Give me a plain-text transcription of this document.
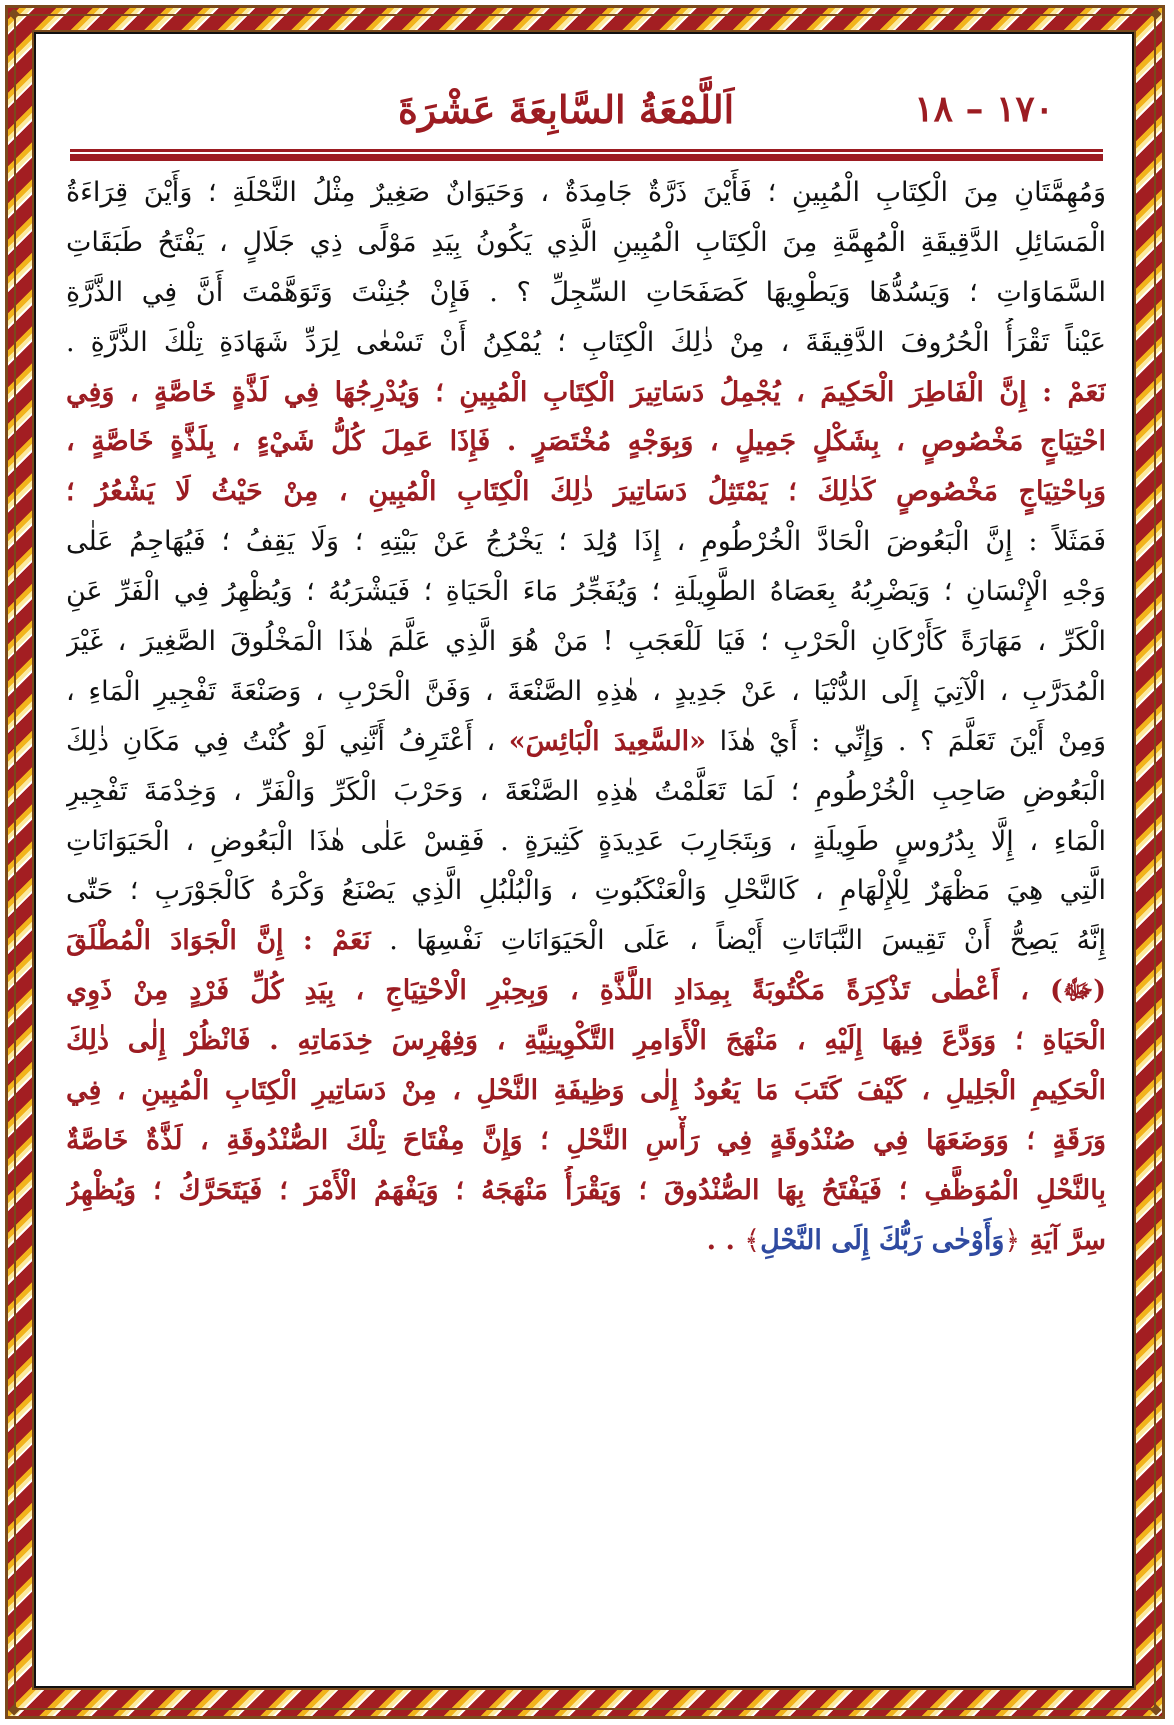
١٧٠ – ١٨
اَللَّمْعَةُ السَّابِعَةَ عَشْرَةَ
وَمُهِمَّتَانِ مِنَ الْكِتَابِ الْمُبِينِ ؛ فَأَيْنَ ذَرَّةٌ جَامِدَةٌ ، وَحَيَوَانٌ صَغِيرٌ مِثْلُ النَّحْلَةِ ؛ وَأَيْنَ قِرَاءَةُ
الْمَسَائِلِ الدَّقِيقَةِ الْمُهِمَّةِ مِنَ الْكِتَابِ الْمُبِينِ الَّذِي يَكُونُ بِيَدِ مَوْلًى ذِي جَلَالٍ ، يَفْتَحُ طَبَقَاتِ
السَّمَاوَاتِ ؛ وَيَسُدُّهَا وَيَطْوِيهَا كَصَفَحَاتِ السِّجِلِّ ؟ . فَإِنْ جُنِنْتَ وَتَوَهَّمْتَ أَنَّ فِي الذَّرَّةِ
عَيْناً تَقْرَأُ الْحُرُوفَ الدَّقِيقَةَ ، مِنْ ذٰلِكَ الْكِتَابِ ؛ يُمْكِنُ أَنْ تَسْعٰى لِرَدِّ شَهَادَةِ تِلْكَ الذَّرَّةِ .
نَعَمْ : إِنَّ الْفَاطِرَ الْحَكِيمَ ، يُجْمِلُ دَسَاتِيرَ الْكِتَابِ الْمُبِينِ ؛ وَيُدْرِجُهَا فِي لَذَّةٍ خَاصَّةٍ ، وَفِي
احْتِيَاجٍ مَخْصُوصٍ ، بِشَكْلٍ جَمِيلٍ ، وَبِوَجْهٍ مُخْتَصَرٍ . فَإِذَا عَمِلَ كُلُّ شَيْءٍ ، بِلَذَّةٍ خَاصَّةٍ ،
وَبِاحْتِيَاجٍ مَخْصُوصٍ كَذٰلِكَ ؛ يَمْتَثِلُ دَسَاتِيرَ ذٰلِكَ الْكِتَابِ الْمُبِينِ ، مِنْ حَيْثُ لَا يَشْعُرُ ؛
فَمَثَلاً : إِنَّ الْبَعُوضَ الْحَادَّ الْخُرْطُومِ ، إِذَا وُلِدَ ؛ يَخْرُجُ عَنْ بَيْتِهِ ؛ وَلَا يَقِفُ ؛ فَيُهَاجِمُ عَلٰى
وَجْهِ الْإِنْسَانِ ؛ وَيَضْرِبُهُ بِعَصَاهُ الطَّوِيلَةِ ؛ وَيُفَجِّرُ مَاءَ الْحَيَاةِ ؛ فَيَشْرَبُهُ ؛ وَيُظْهِرُ فِي الْفَرِّ عَنِ
الْكَرِّ ، مَهَارَةً كَأَرْكَانِ الْحَرْبِ ؛ فَيَا لَلْعَجَبِ ! مَنْ هُوَ الَّذِي عَلَّمَ هٰذَا الْمَخْلُوقَ الصَّغِيرَ ، غَيْرَ
الْمُدَرَّبِ ، الْآتِيَ إِلَى الدُّنْيَا ، عَنْ جَدِيدٍ ، هٰذِهِ الصَّنْعَةَ ، وَفَنَّ الْحَرْبِ ، وَصَنْعَةَ تَفْجِيرِ الْمَاءِ ،
وَمِنْ أَيْنَ تَعَلَّمَ ؟ . وَإِنِّي : أَيْ هٰذَا «السَّعِيدَ الْبَائِسَ» ، أَعْتَرِفُ أَنَّنِي لَوْ كُنْتُ فِي مَكَانِ ذٰلِكَ
الْبَعُوضِ صَاحِبِ الْخُرْطُومِ ؛ لَمَا تَعَلَّمْتُ هٰذِهِ الصَّنْعَةَ ، وَحَرْبَ الْكَرِّ وَالْفَرِّ ، وَخِدْمَةَ تَفْجِيرِ
الْمَاءِ ، إِلَّا بِدُرُوسٍ طَوِيلَةٍ ، وَبِتَجَارِبَ عَدِيدَةٍ كَثِيرَةٍ . فَقِسْ عَلٰى هٰذَا الْبَعُوضِ ، الْحَيَوَانَاتِ
الَّتِي هِيَ مَظْهَرٌ لِلْإِلْهَامِ ، كَالنَّحْلِ وَالْعَنْكَبُوتِ ، وَالْبُلْبُلِ الَّذِي يَصْنَعُ وَكْرَهُ كَالْجَوْرَبِ ؛ حَتّٰى
إِنَّهُ يَصِحُّ أَنْ تَقِيسَ النَّبَاتَاتِ أَيْضاً ، عَلَى الْحَيَوَانَاتِ نَفْسِهَا . نَعَمْ : إِنَّ الْجَوَادَ الْمُطْلَقَ
(ﷻ) ، أَعْطٰى تَذْكِرَةً مَكْتُوبَةً بِمِدَادِ اللَّذَّةِ ، وَبِحِبْرِ الْاحْتِيَاجِ ، بِيَدِ كُلِّ فَرْدٍ مِنْ ذَوِي
الْحَيَاةِ ؛ وَوَدَّعَ فِيهَا إِلَيْهِ ، مَنْهَجَ الْأَوَامِرِ التَّكْوِينِيَّةِ ، وَفِهْرِسَ خِدَمَاتِهِ . فَانْظُرْ إِلٰى ذٰلِكَ
الْحَكِيمِ الْجَلِيلِ ، كَيْفَ كَتَبَ مَا يَعُودُ إِلٰى وَظِيفَةِ النَّحْلِ ، مِنْ دَسَاتِيرِ الْكِتَابِ الْمُبِينِ ، فِي
وَرَقَةٍ ؛ وَوَضَعَهَا فِي صُنْدُوقَةٍ فِي رَأْسِ النَّحْلِ ؛ وَإِنَّ مِفْتَاحَ تِلْكَ الصُّنْدُوقَةِ ، لَذَّةٌ خَاصَّةٌ
بِالنَّحْلِ الْمُوَظَّفِ ؛ فَيَفْتَحُ بِهَا الصُّنْدُوقَ ؛ وَيَقْرَأُ مَنْهَجَهُ ؛ وَيَفْهَمُ الْأَمْرَ ؛ فَيَتَحَرَّكُ ؛ وَيُظْهِرُ
سِرَّ آيَةِ ﴿وَأَوْحٰى رَبُّكَ إِلَى النَّحْلِ﴾ . .
